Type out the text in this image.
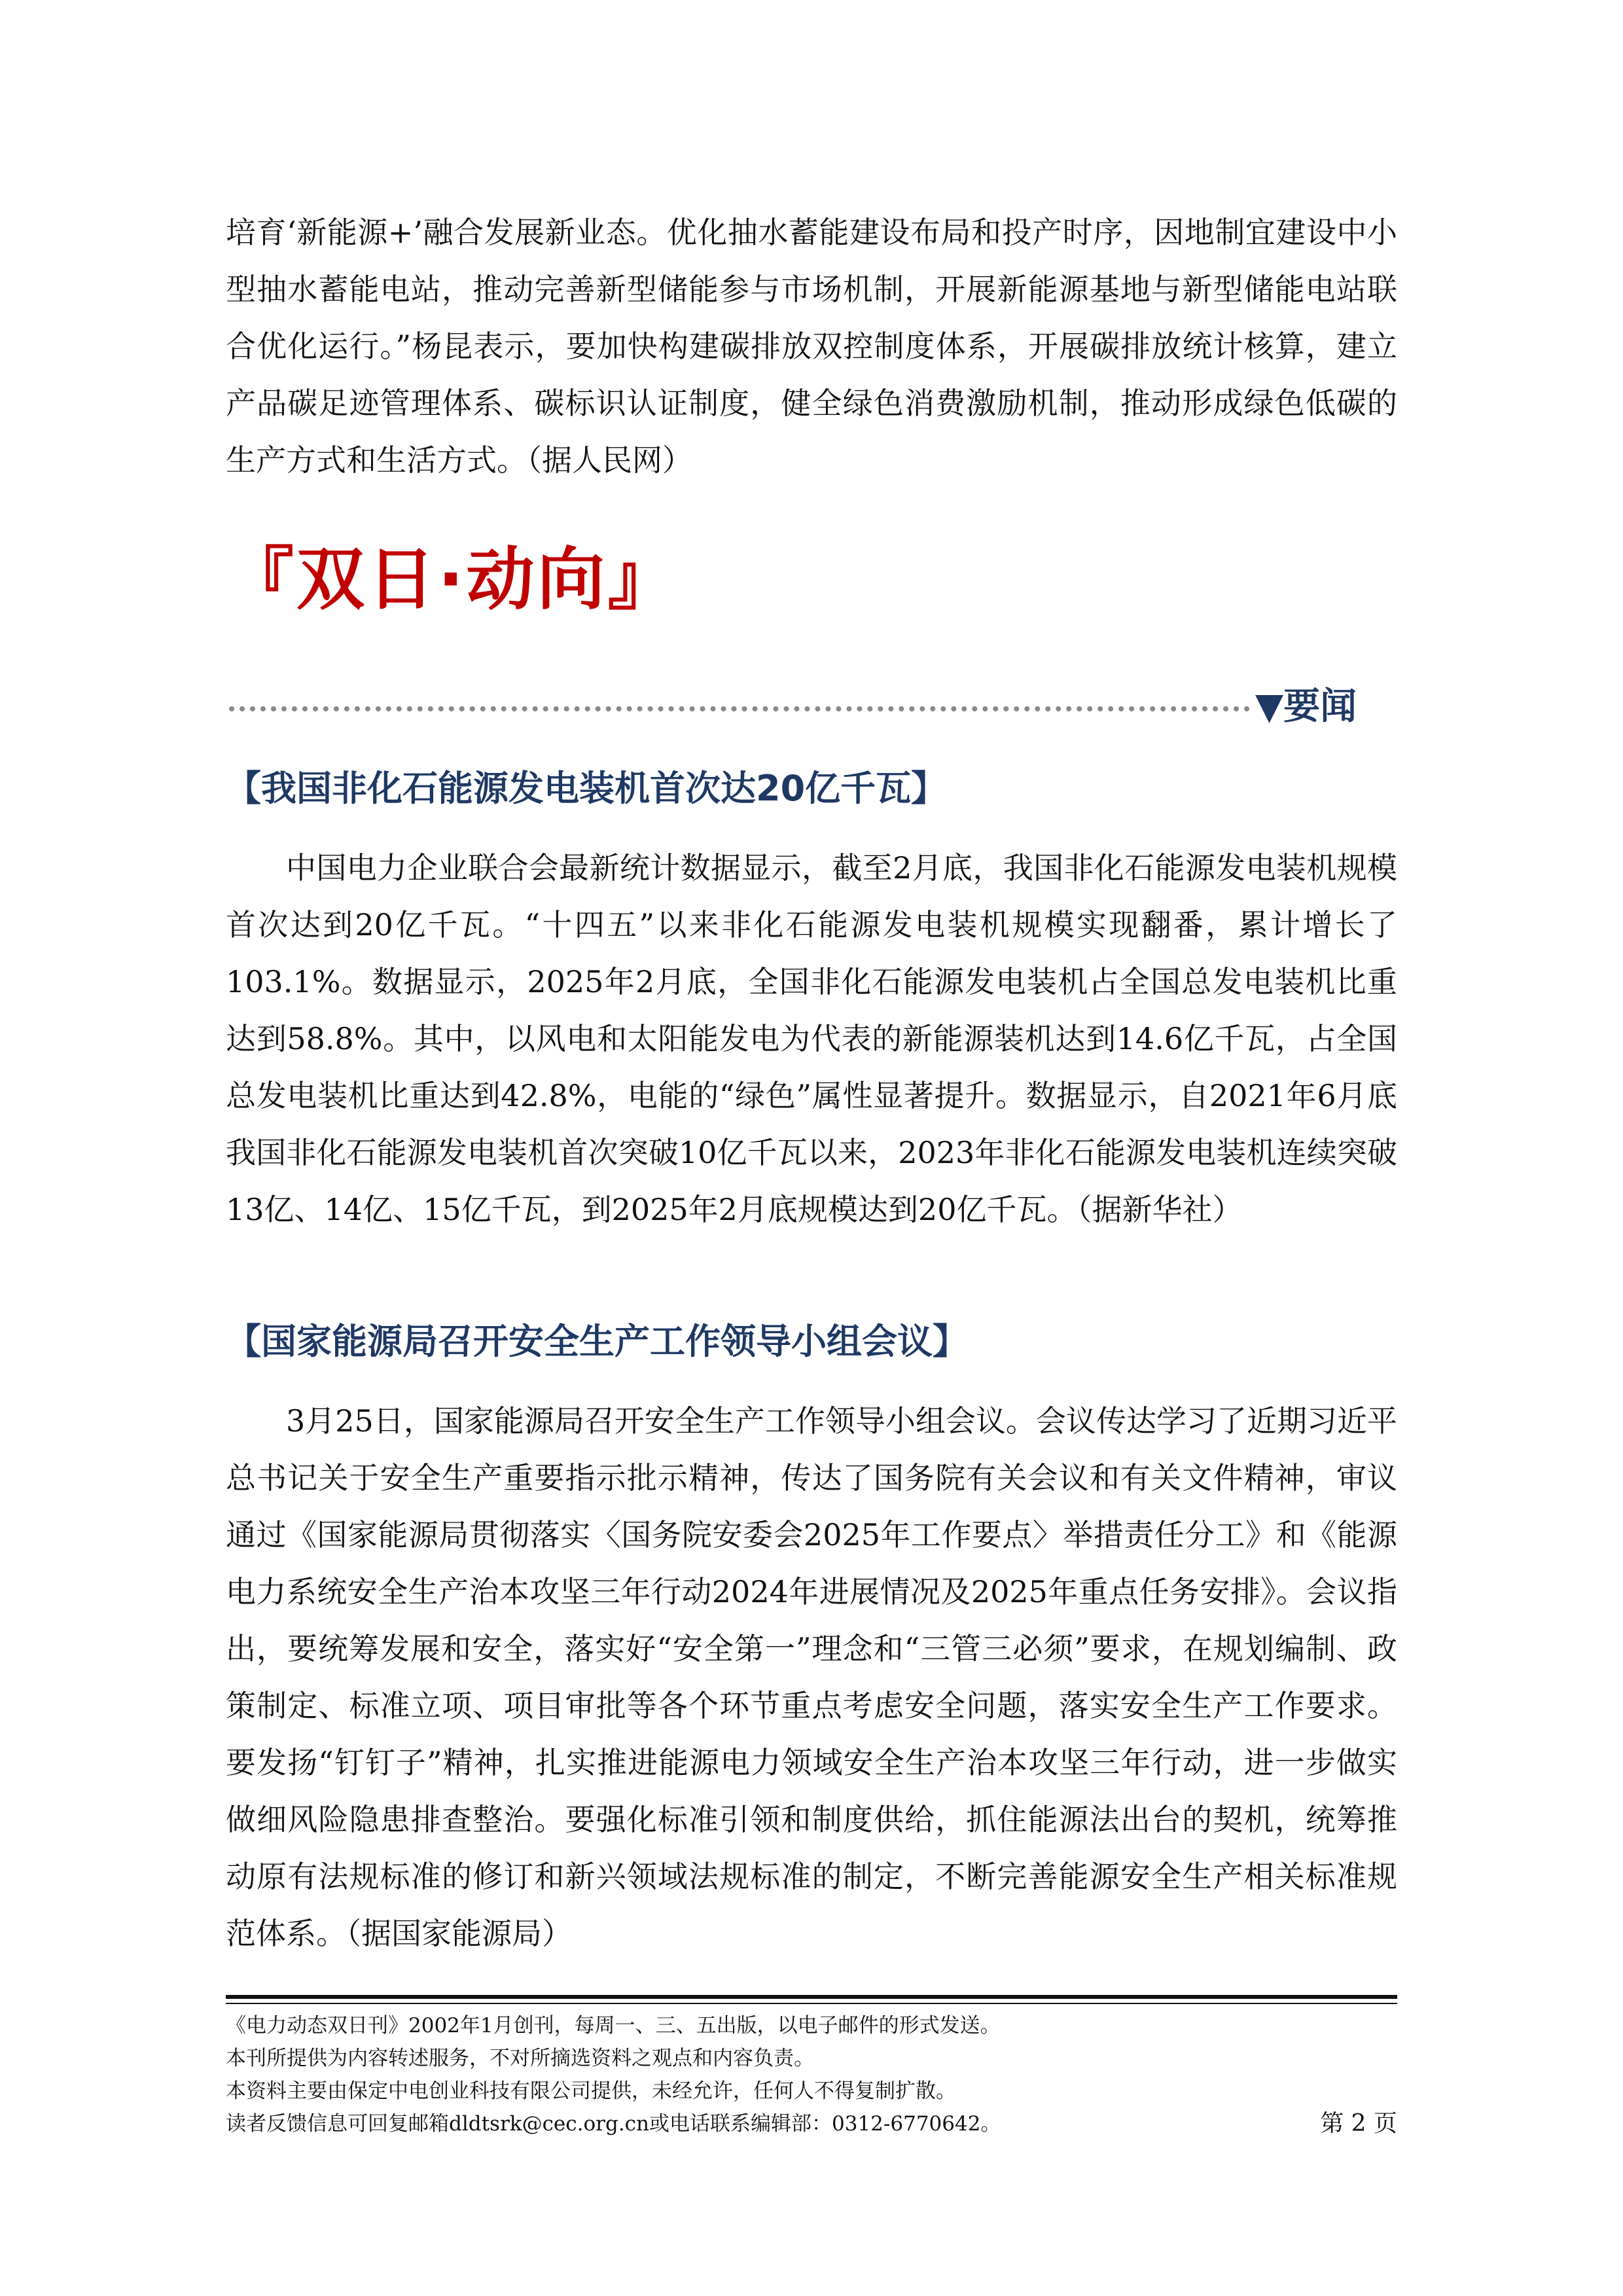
培育‘新能源+’融合发展新业态。优化抽水蓄能建设布局和投产时序，因地制宜建设中小型抽水蓄能电站，推动完善新型储能参与市场机制，开展新能源基地与新型储能电站联合优化运行。”杨昆表示，要加快构建碳排放双控制度体系，开展碳排放统计核算，建立产品碳足迹管理体系、碳标识认证制度，健全绿色消费激励机制，推动形成绿色低碳的生产方式和生活方式。（据人民网）

『双日·动向』
▼要闻
【我国非化石能源发电装机首次达20亿千瓦】

中国电力企业联合会最新统计数据显示，截至2月底，我国非化石能源发电装机规模首次达到20亿千瓦。“十四五”以来非化石能源发电装机规模实现翻番，累计增长了103.1%。数据显示，2025年2月底，全国非化石能源发电装机占全国总发电装机比重达到58.8%。其中，以风电和太阳能发电为代表的新能源装机达到14.6亿千瓦，占全国总发电装机比重达到42.8%，电能的“绿色”属性显著提升。数据显示，自2021年6月底我国非化石能源发电装机首次突破10亿千瓦以来，2023年非化石能源发电装机连续突破13亿、14亿、15亿千瓦，到2025年2月底规模达到20亿千瓦。（据新华社）

【国家能源局召开安全生产工作领导小组会议】

3月25日，国家能源局召开安全生产工作领导小组会议。会议传达学习了近期习近平总书记关于安全生产重要指示批示精神，传达了国务院有关会议和有关文件精神，审议通过《国家能源局贯彻落实〈国务院安委会2025年工作要点〉举措责任分工》和《能源电力系统安全生产治本攻坚三年行动2024年进展情况及2025年重点任务安排》。会议指出，要统筹发展和安全，落实好“安全第一”理念和“三管三必须”要求，在规划编制、政策制定、标准立项、项目审批等各个环节重点考虑安全问题，落实安全生产工作要求。要发扬“钉钉子”精神，扎实推进能源电力领域安全生产治本攻坚三年行动，进一步做实做细风险隐患排查整治。要强化标准引领和制度供给，抓住能源法出台的契机，统筹推动原有法规标准的修订和新兴领域法规标准的制定，不断完善能源安全生产相关标准规范体系。（据国家能源局）

《电力动态双日刊》2002年1月创刊，每周一、三、五出版，以电子邮件的形式发送。
本刊所提供为内容转述服务，不对所摘选资料之观点和内容负责。
本资料主要由保定中电创业科技有限公司提供，未经允许，任何人不得复制扩散。
读者反馈信息可回复邮箱dldtsrk@cec.org.cn或电话联系编辑部：0312-6770642。	第 2 页
